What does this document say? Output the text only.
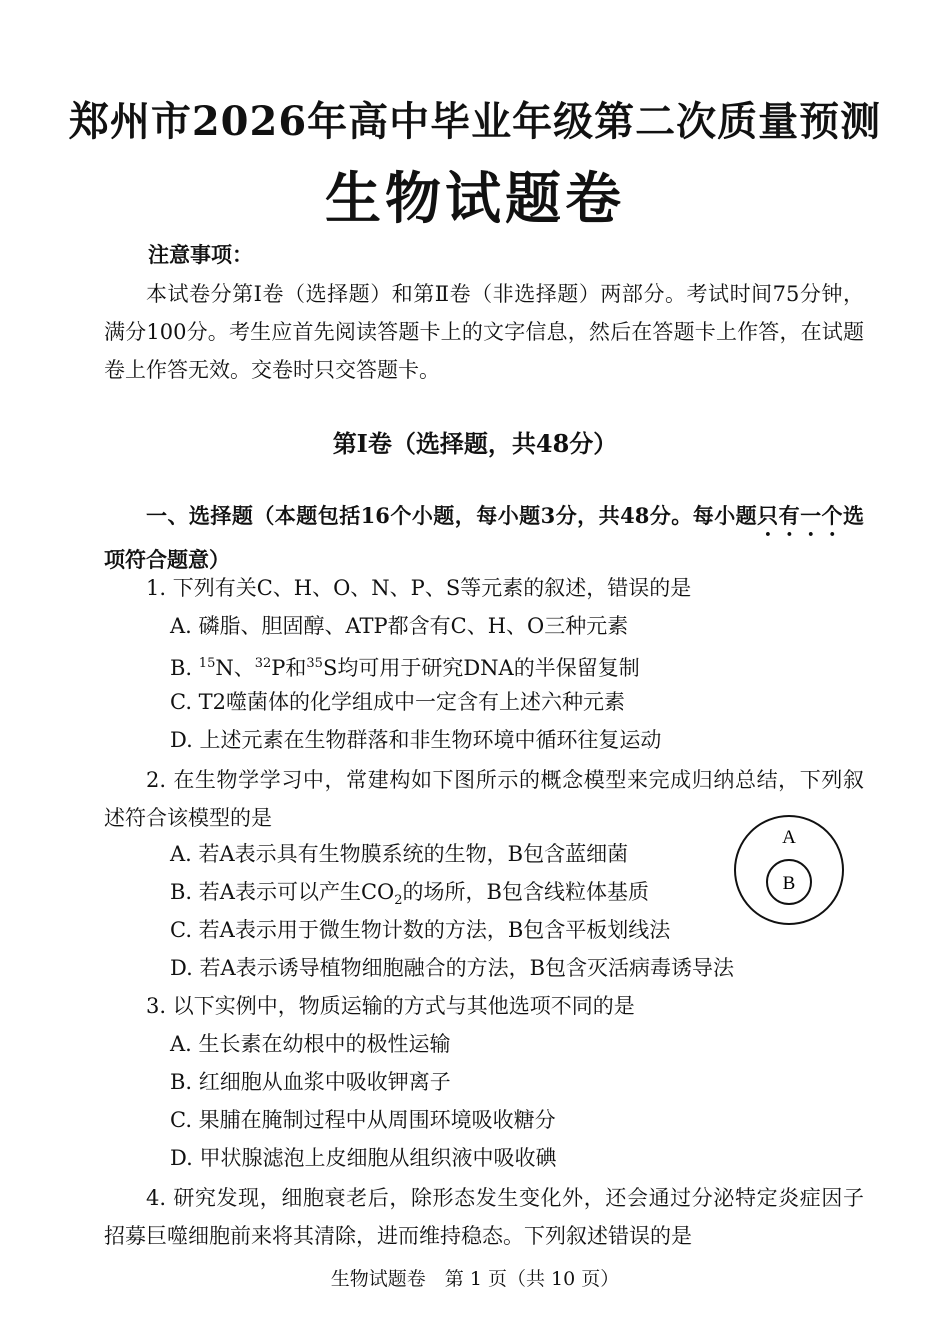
郑州市2026年高中毕业年级第二次质量预测
生物试题卷
注意事项：
本试卷分第Ⅰ卷（选择题）和第Ⅱ卷（非选择题）两部分。考试时间75分钟，满分100分。考生应首先阅读答题卡上的文字信息，然后在答题卡上作答，在试题卷上作答无效。交卷时只交答题卡。
第Ⅰ卷（选择题，共48分）
一、选择题（本题包括16个小题，每小题3分，共48分。每小题只有一个选项符合题意）
1. 下列有关C、H、O、N、P、S等元素的叙述，错误的是
A. 磷脂、胆固醇、ATP都含有C、H、O三种元素
B. $^{15}$N、$^{32}$P和$^{35}$S均可用于研究DNA的半保留复制
C. T2噬菌体的化学组成中一定含有上述六种元素
D. 上述元素在生物群落和非生物环境中循环往复运动
2. 在生物学学习中，常建构如下图所示的概念模型来完成归纳总结，下列叙述符合该模型的是
A. 若A表示具有生物膜系统的生物，B包含蓝细菌
B. 若A表示可以产生$CO_2$的场所，B包含线粒体基质
C. 若A表示用于微生物计数的方法，B包含平板划线法
D. 若A表示诱导植物细胞融合的方法，B包含灭活病毒诱导法
A
B
3. 以下实例中，物质运输的方式与其他选项不同的是
A. 生长素在幼根中的极性运输
B. 红细胞从血浆中吸收钾离子
C. 果脯在腌制过程中从周围环境吸收糖分
D. 甲状腺滤泡上皮细胞从组织液中吸收碘
4. 研究发现，细胞衰老后，除形态发生变化外，还会通过分泌特定炎症因子招募巨噬细胞前来将其清除，进而维持稳态。下列叙述错误的是
生物试题卷　第 1 页（共 10 页）
